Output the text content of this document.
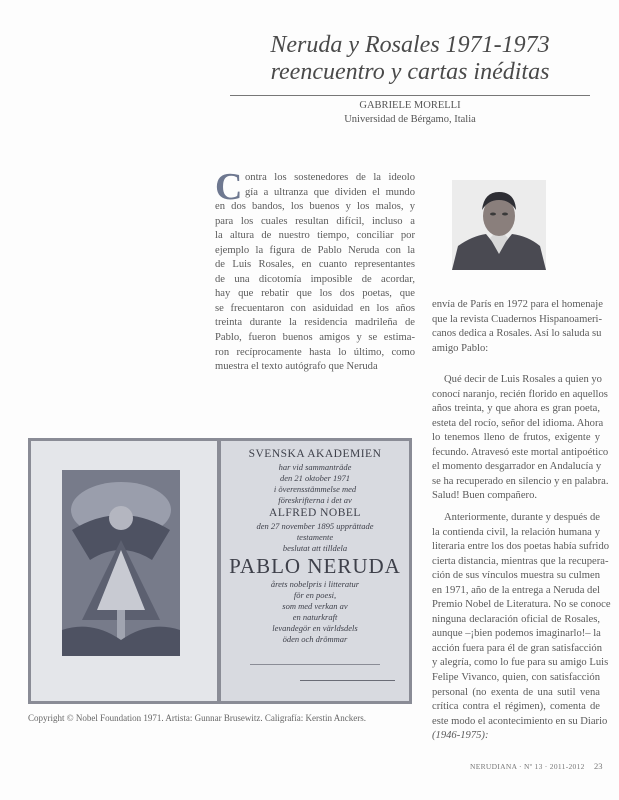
Neruda y Rosales 1971-1973
reencuentro y cartas inéditas
GABRIELE MORELLI
Universidad de Bérgamo, Italia
C ontra los sostenedores de la ideolo
gía a ultranza que dividen el mundo
en dos bandos, los buenos y los malos, y
para los cuales resultan difícil, incluso a
la altura de nuestro tiempo, conciliar por
ejemplo la figura de Pablo Neruda con la
de Luis Rosales, en cuanto representantes
de una dicotomía imposible de acordar,
hay que rebatir que los dos poetas, que
se frecuentaron con asiduidad en los años
treinta durante la residencia madrileña de
Pablo, fueron buenos amigos y se estima-
ron recíprocamente hasta lo último, como
muestra el texto autógrafo que Neruda
envía de París en 1972 para el homenaje
que la revista Cuadernos Hispanoameri-
canos dedica a Rosales. Así lo saluda su
amigo Pablo:
Qué decir de Luis Rosales a quien yo
conocí naranjo, recién florido en aquellos
años treinta, y que ahora es gran poeta,
esteta del rocío, señor del idioma. Ahora
lo tenemos lleno de frutos, exigente y
fecundo. Atravesó este mortal antipoético
el momento desgarrador en Andalucía y
se ha recuperado en silencio y en palabra.
Salud! Buen compañero.
Anteriormente, durante y después de
la contienda civil, la relación humana y
literaria entre los dos poetas había sufrido
cierta distancia, mientras que la recupera-
ción de sus vínculos muestra su culmen
en 1971, año de la entrega a Neruda del
Premio Nobel de Literatura. No se conoce
ninguna declaración oficial de Rosales,
aunque –¡bien podemos imaginarlo!– la
acción fuera para él de gran satisfacción
y alegría, como lo fue para su amigo Luis
Felipe Vivanco, quien, con satisfacción
personal (no exenta de una sutil vena
crítica contra el régimen), comenta de
este modo el acontecimiento en su Diario
(1946-1975):
SVENSKA AKADEMIEN
har vid sammanträde
den 21 oktober 1971
i överensstämmelse med
föreskrifterna i det av
ALFRED NOBEL
den 27 november 1895 upprättade
testamente
beslutat att tilldela
PABLO NERUDA
årets nobelpris i litteratur
för en poesi,
som med verkan av
en naturkraft
levandegör en världsdels
öden och drömmar
Copyright © Nobel Foundation 1971. Artista: Gunnar Brusewitz. Caligrafía: Kerstin Anckers.
NERUDIANA · Nº 13 · 2011-2012 23
